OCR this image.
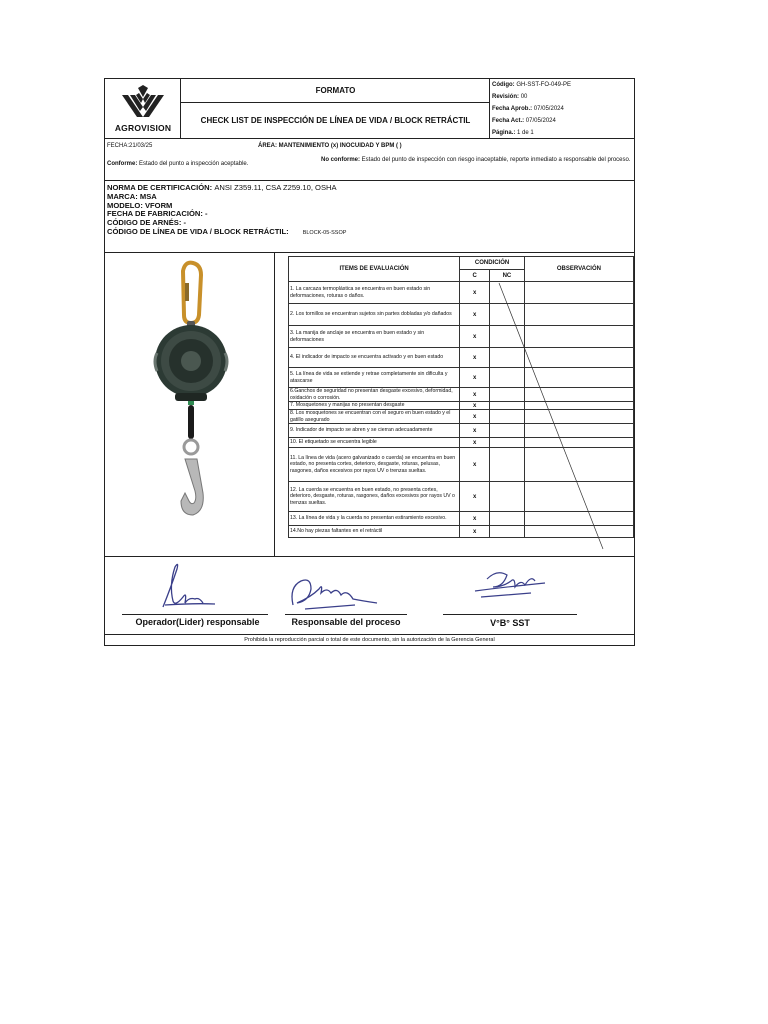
AGROVISION
FORMATO
CHECK LIST DE INSPECCIÓN DE LÍNEA DE VIDA / BLOCK RETRÁCTIL
Código: GH-SST-FO-049-PE
Revisión: 00
Fecha Aprob.: 07/05/2024
Fecha Act.: 07/05/2024
Página.: 1 de 1
FECHA:21/03/25	ÁREA: MANTENIMIENTO (x) INOCUIDAD Y BPM ( )
Conforme: Estado del punto a inspección aceptable.
No conforme: Estado del punto de inspección con riesgo inaceptable, reporte inmediato a responsable del proceso.
NORMA DE CERTIFICACIÓN: ANSI Z359.11, CSA Z259.10, OSHA
MARCA: MSA
MODELO: VFORM
FECHA DE FABRICACIÓN: -
CÓDIGO DE ARNÉS: -
CÓDIGO DE LÍNEA DE VIDA / BLOCK RETRÁCTIL:	BLOCK-05-SSOP
ITEMS DE EVALUACIÓN	CONDICIÓN		OBSERVACIÓN
	C	NC	
1. La carcaza termoplástica se encuentra en buen estado sin deformaciones, roturas o daños.	x		
2. Los tornillos se encuentran sujetos sin partes dobladas y/o dañados	x		
3. La manija de anclaje se encuentra en buen estado y sin deformaciones	x		
4. El indicador de impacto se encuentra activado y en buen estado	x		
5. La línea de vida se extiende y retrae completamente sin dificulta y atascarse	x		
6.Ganchos de seguridad no presentan desgaste excesivo, deformidad, oxidación o corrosión.	x		
7. Mosquetones y manijas no presentan desgaste	x		
8. Los mosquetones se encuentran con el seguro en buen estado y el gatillo asegurado	x		
9. Indicador de impacto se abren y se cierran adecuadamente	x		
10. El etiquetado se encuentra legible	x		
11. La línea de vida (acero galvanizado o cuerda) se encuentra en buen estado, no presenta cortes, deterioro, desgaste, roturas, pelusas, rasgones, daños excesivos por rayos UV o trenzas sueltas.	x		
12. La cuerda se encuentra en buen estado, no presenta cortes, deterioro, desgaste, roturas, rasgones, daños excesivos por rayos UV o trenzas sueltas.	x		
13. La línea de vida y la cuerda no presentan estiramiento excesivo.	x		
14.No hay piezas faltantes en el retráctil	x		
Operador(Lider) responsable	Responsable del proceso	V°B° SST
Prohibida la reproducción parcial o total de este documento, sin la autorización de la Gerencia General
